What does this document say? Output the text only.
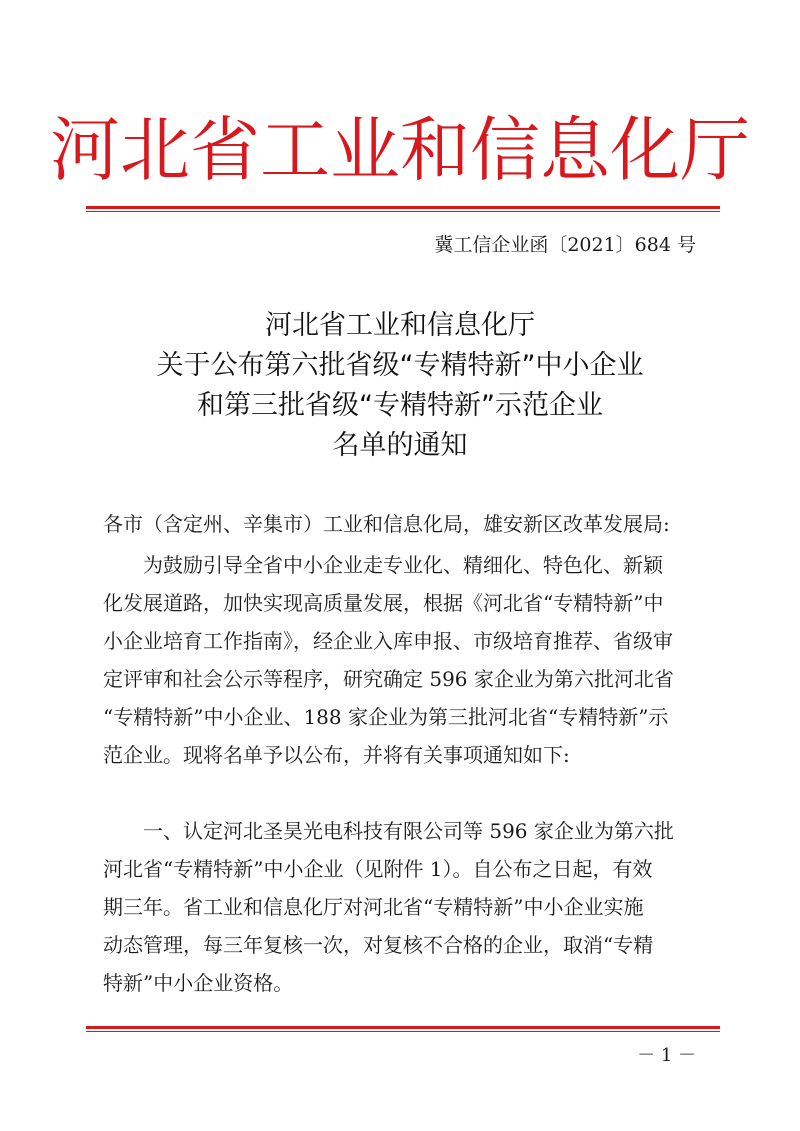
河北省工业和信息化厅
冀工信企业函〔2021〕684 号
河北省工业和信息化厅
关于公布第六批省级“专精特新”中小企业
和第三批省级“专精特新”示范企业
名单的通知
各市（含定州、辛集市）工业和信息化局，雄安新区改革发展局:
　　为鼓励引导全省中小企业走专业化、精细化、特色化、新颖
化发展道路，加快实现高质量发展，根据《河北省“专精特新”中
小企业培育工作指南》，经企业入库申报、市级培育推荐、省级审
定评审和社会公示等程序，研究确定 596 家企业为第六批河北省
“专精特新”中小企业、188 家企业为第三批河北省“专精特新”示
范企业。现将名单予以公布，并将有关事项通知如下:
　　一、认定河北圣昊光电科技有限公司等 596 家企业为第六批
河北省“专精特新”中小企业（见附件 1）。自公布之日起，有效
期三年。省工业和信息化厅对河北省“专精特新”中小企业实施
动态管理，每三年复核一次，对复核不合格的企业，取消“专精
特新”中小企业资格。
－ 1 －
